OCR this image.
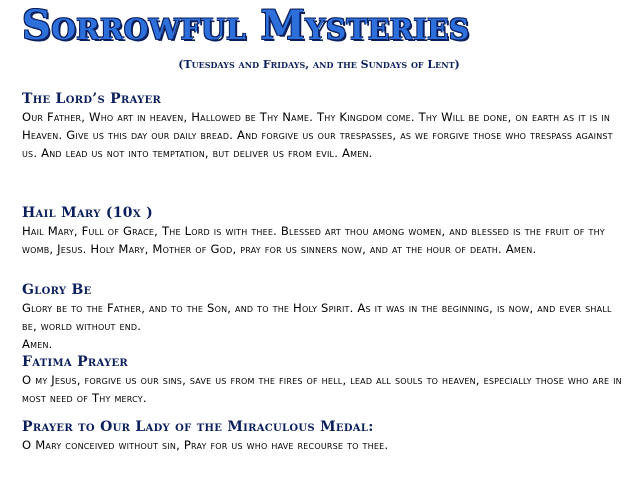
Sorrowful Mysteries
(Tuesdays and Fridays, and the Sundays of Lent)
The Lord’s Prayer
Our Father, Who art in heaven, Hallowed be Thy Name. Thy Kingdom come. Thy Will be done, on earth as it is in Heaven. Give us this day our daily bread. And forgive us our trespasses, as we forgive those who trespass against us. And lead us not into temptation, but deliver us from evil. Amen.
Hail Mary (10x )
Hail Mary, Full of Grace, The Lord is with thee. Blessed art thou among women, and blessed is the fruit of thy womb, Jesus. Holy Mary, Mother of God, pray for us sinners now, and at the hour of death. Amen.
Glory Be
Glory be to the Father, and to the Son, and to the Holy Spirit. As it was in the beginning, is now, and ever shall be, world without end.
Amen.
Fatima Prayer
O my Jesus, forgive us our sins, save us from the fires of hell, lead all souls to heaven, especially those who are in most need of Thy mercy.
Prayer to Our Lady of the Miraculous Medal:
O Mary conceived without sin, Pray for us who have recourse to thee.
